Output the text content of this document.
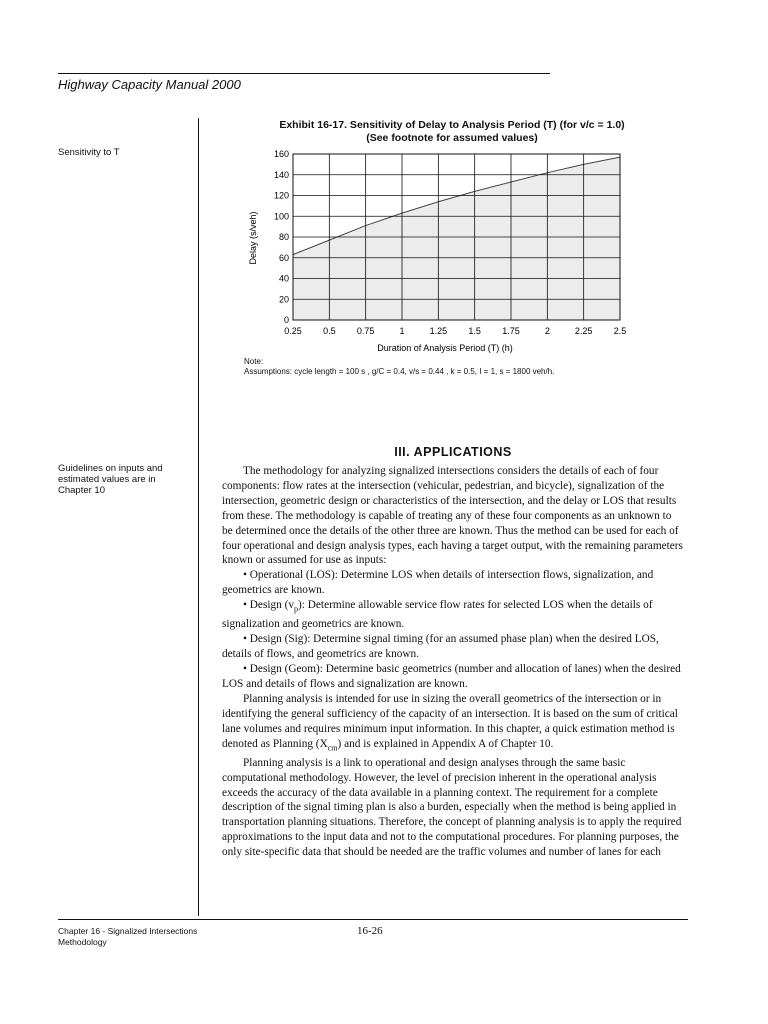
Highway Capacity Manual 2000
Sensitivity to T
Guidelines on inputs and estimated values are in Chapter 10
Exhibit 16-17. Sensitivity of Delay to Analysis Period (T) (for v/c = 1.0)
(See footnote for assumed values)
0
20
40
60
80
100
120
140
160
0.25 0.5 0.75	1	1.25 1.5 1.75	2	2.25 2.5
Duration of Analysis Period (T) (h)
Delay (s/veh)
Note:
Assumptions: cycle length = 100 s , g/C = 0.4, v/s = 0.44 , k = 0.5, I = 1, s = 1800 veh/h.
III. APPLICATIONS

The methodology for analyzing signalized intersections considers the details of each of four components: flow rates at the intersection (vehicular, pedestrian, and bicycle), signalization of the intersection, geometric design or characteristics of the intersection, and the delay or LOS that results from these. The methodology is capable of treating any of these four components as an unknown to be determined once the details of the other three are known. Thus the method can be used for each of four operational and design analysis types, each having a target output, with the remaining parameters known or assumed for use as inputs:

• Operational (LOS): Determine LOS when details of intersection flows, signalization, and geometrics are known.

• Design $(v_p)$: Determine allowable service flow rates for selected LOS when the details of signalization and geometrics are known.

• Design (Sig): Determine signal timing (for an assumed phase plan) when the desired LOS, details of flows, and geometrics are known.

• Design (Geom): Determine basic geometrics (number and allocation of lanes) when the desired LOS and details of flows and signalization are known.

Planning analysis is intended for use in sizing the overall geometrics of the intersection or in identifying the general sufficiency of the capacity of an intersection. It is based on the sum of critical lane volumes and requires minimum input information. In this chapter, a quick estimation method is denoted as Planning $(X_{cm})$ and is explained in Appendix A of Chapter 10.

Planning analysis is a link to operational and design analyses through the same basic computational methodology. However, the level of precision inherent in the operational analysis exceeds the accuracy of the data available in a planning context. The requirement for a complete description of the signal timing plan is also a burden, especially when the method is being applied in transportation planning situations. Therefore, the concept of planning analysis is to apply the required approximations to the input data and not to the computational procedures. For planning purposes, the only site-specific data that should be needed are the traffic volumes and number of lanes for each

Chapter 16 - Signalized Intersections
Methodology
16-26
